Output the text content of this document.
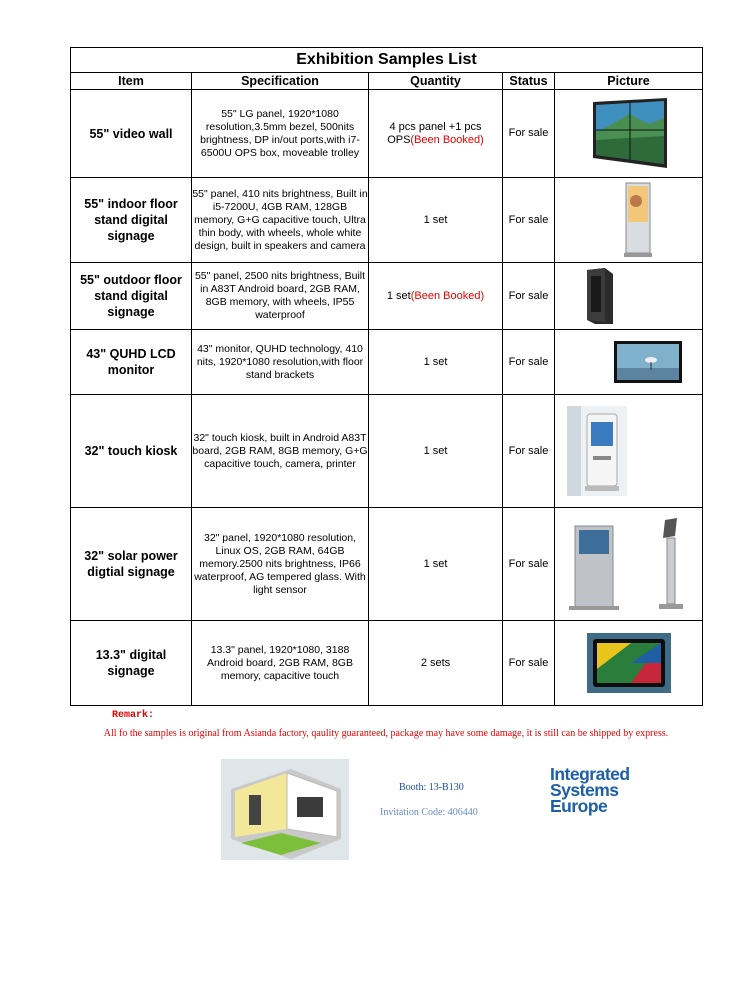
Exhibition Samples List				
Item	Specification	Quantity	Status	Picture
55" video wall	55" LG panel, 1920*1080 resolution,3.5mm bezel, 500nits brightness, DP in/out ports,with i7-6500U OPS box, moveable trolley	4 pcs panel +1 pcs OPS(Been Booked)	For sale	

55" indoor floor stand digital signage	55" panel, 410 nits brightness, Built in i5-7200U, 4GB RAM, 128GB memory, G+G capacitive touch, Ultra thin body, with wheels, whole white design, built in speakers and camera	1 set	For sale	

55" outdoor floor stand digital signage	55" panel, 2500 nits brightness, Built in A83T Android board, 2GB RAM, 8GB memory, with wheels, IP55 waterproof	1 set(Been Booked)	For sale	

43" QUHD LCD monitor	43" monitor, QUHD technology, 410 nits, 1920*1080 resolution,with floor stand brackets	1 set	For sale	

32" touch kiosk	32" touch kiosk, built in Android A83T board, 2GB RAM, 8GB memory, G+G capacitive touch, camera, printer	1 set	For sale	

32" solar power digtial signage	32" panel, 1920*1080 resolution, Linux OS, 2GB RAM, 64GB memory.2500 nits brightness, IP66 waterproof, AG tempered glass. With light sensor	1 set	For sale	

13.3" digital signage	13.3" panel, 1920*1080, 3188 Android board, 2GB RAM, 8GB memory, capacitive touch	2 sets	For sale	
Remark:
All fo the samples is original from Asianda factory, qaulity guaranteed, package may have some damage, it is still can be shipped by express.
Booth: 13-B130
Invitation Code: 406440
Integrated
Systems
Europe
